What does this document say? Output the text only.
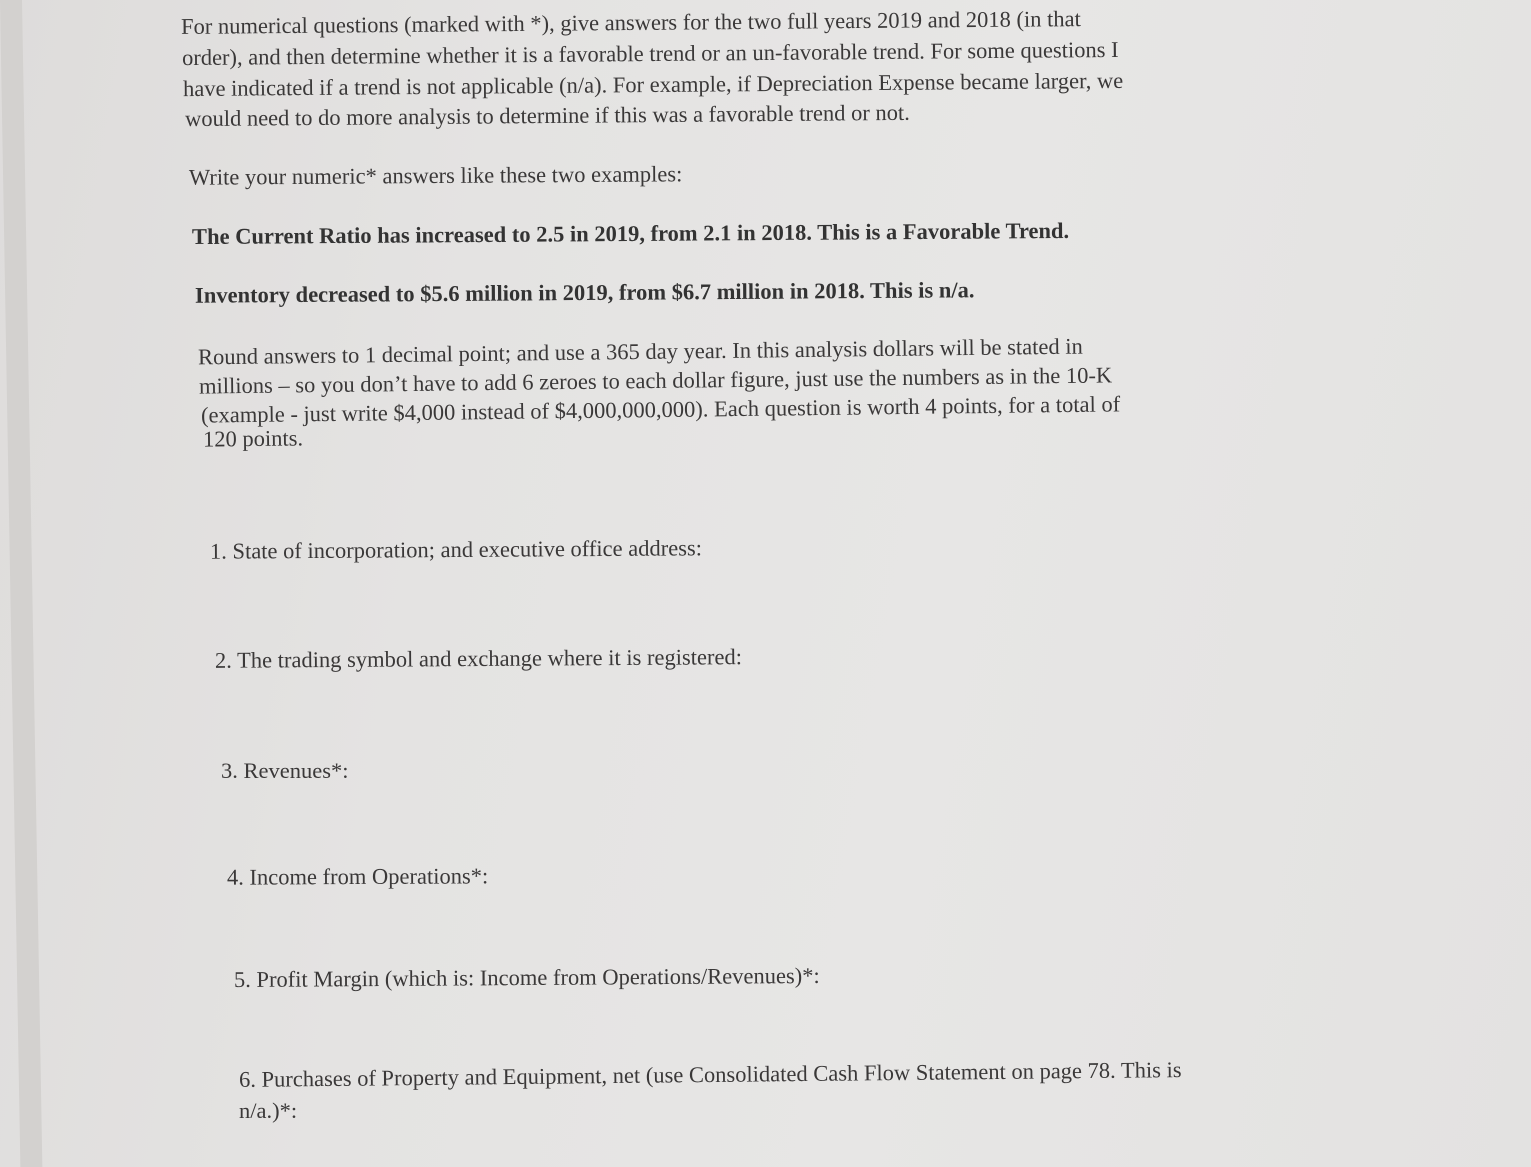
For numerical questions (marked with *), give answers for the two full years 2019 and 2018 (in that
order), and then determine whether it is a favorable trend or an un-favorable trend. For some questions I
have indicated if a trend is not applicable (n/a). For example, if Depreciation Expense became larger, we
would need to do more analysis to determine if this was a favorable trend or not.
Write your numeric* answers like these two examples:
The Current Ratio has increased to 2.5 in 2019, from 2.1 in 2018. This is a Favorable Trend.
Inventory decreased to $5.6 million in 2019, from $6.7 million in 2018. This is n/a.
Round answers to 1 decimal point; and use a 365 day year. In this analysis dollars will be stated in
millions – so you don’t have to add 6 zeroes to each dollar figure, just use the numbers as in the 10-K
(example - just write $4,000 instead of $4,000,000,000). Each question is worth 4 points, for a total of
120 points.
1. State of incorporation; and executive office address:
2. The trading symbol and exchange where it is registered:
3. Revenues*:
4. Income from Operations*:
5. Profit Margin (which is: Income from Operations/Revenues)*:
6. Purchases of Property and Equipment, net (use Consolidated Cash Flow Statement on page 78. This is
n/a.)*:
